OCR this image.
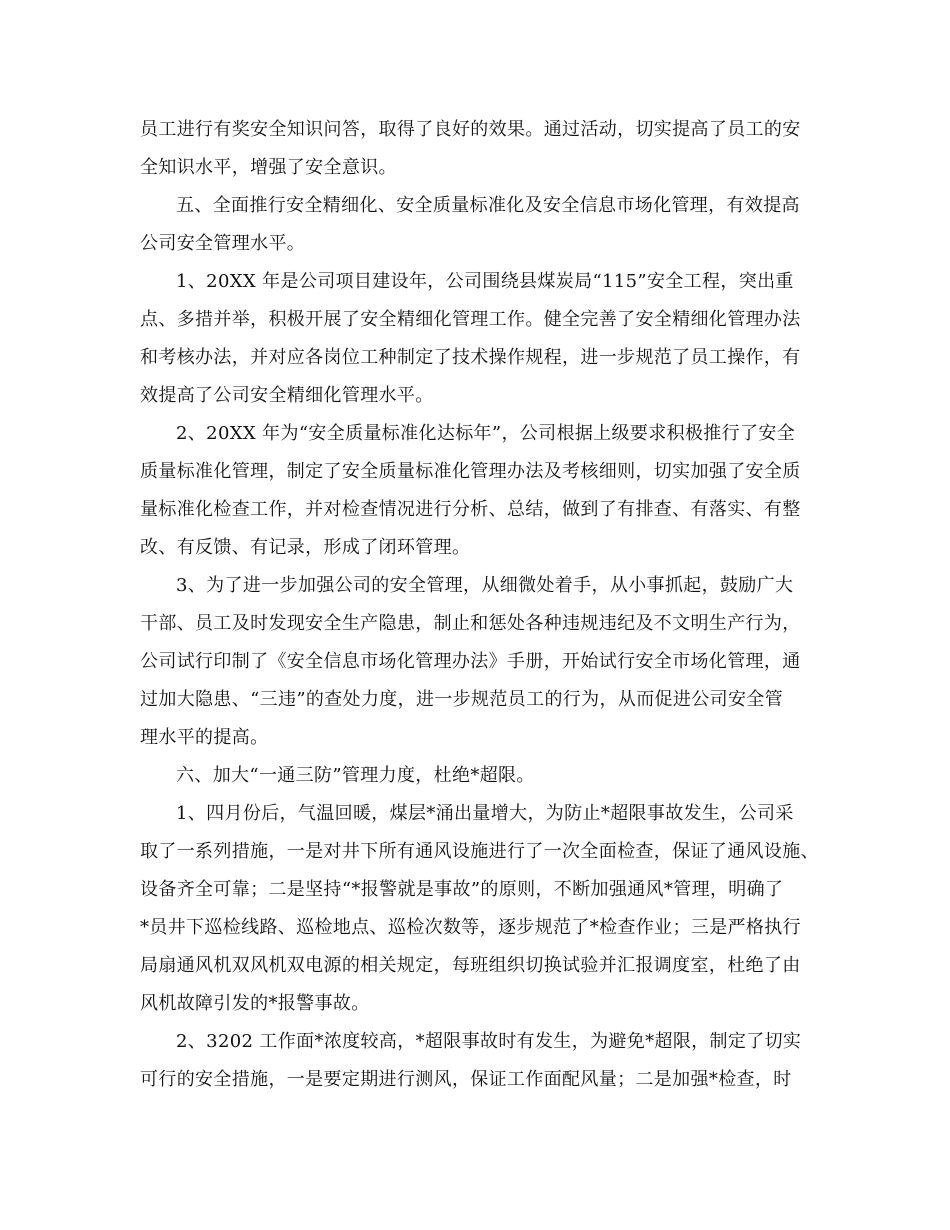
员工进行有奖安全知识问答，取得了良好的效果。通过活动，切实提高了员工的安

全知识水平，增强了安全意识。

五、全面推行安全精细化、安全质量标准化及安全信息市场化管理，有效提高

公司安全管理水平。

1、20XX 年是公司项目建设年，公司围绕县煤炭局“115”安全工程，突出重

点、多措并举，积极开展了安全精细化管理工作。健全完善了安全精细化管理办法

和考核办法，并对应各岗位工种制定了技术操作规程，进一步规范了员工操作，有

效提高了公司安全精细化管理水平。

2、20XX 年为“安全质量标准化达标年”，公司根据上级要求积极推行了安全

质量标准化管理，制定了安全质量标准化管理办法及考核细则，切实加强了安全质

量标准化检查工作，并对检查情况进行分析、总结，做到了有排查、有落实、有整

改、有反馈、有记录，形成了闭环管理。

3、为了进一步加强公司的安全管理，从细微处着手，从小事抓起，鼓励广大

干部、员工及时发现安全生产隐患，制止和惩处各种违规违纪及不文明生产行为，

公司试行印制了《安全信息市场化管理办法》手册，开始试行安全市场化管理，通

过加大隐患、“三违”的查处力度，进一步规范员工的行为，从而促进公司安全管

理水平的提高。

六、加大“一通三防”管理力度，杜绝*超限。

1、四月份后，气温回暖，煤层*涌出量增大，为防止*超限事故发生，公司采

取了一系列措施，一是对井下所有通风设施进行了一次全面检查，保证了通风设施、

设备齐全可靠；二是坚持“*报警就是事故”的原则，不断加强通风*管理，明确了

*员井下巡检线路、巡检地点、巡检次数等，逐步规范了*检查作业；三是严格执行

局扇通风机双风机双电源的相关规定，每班组织切换试验并汇报调度室，杜绝了由

风机故障引发的*报警事故。

2、3202 工作面*浓度较高，*超限事故时有发生，为避免*超限，制定了切实

可行的安全措施，一是要定期进行测风，保证工作面配风量；二是加强*检查，时
